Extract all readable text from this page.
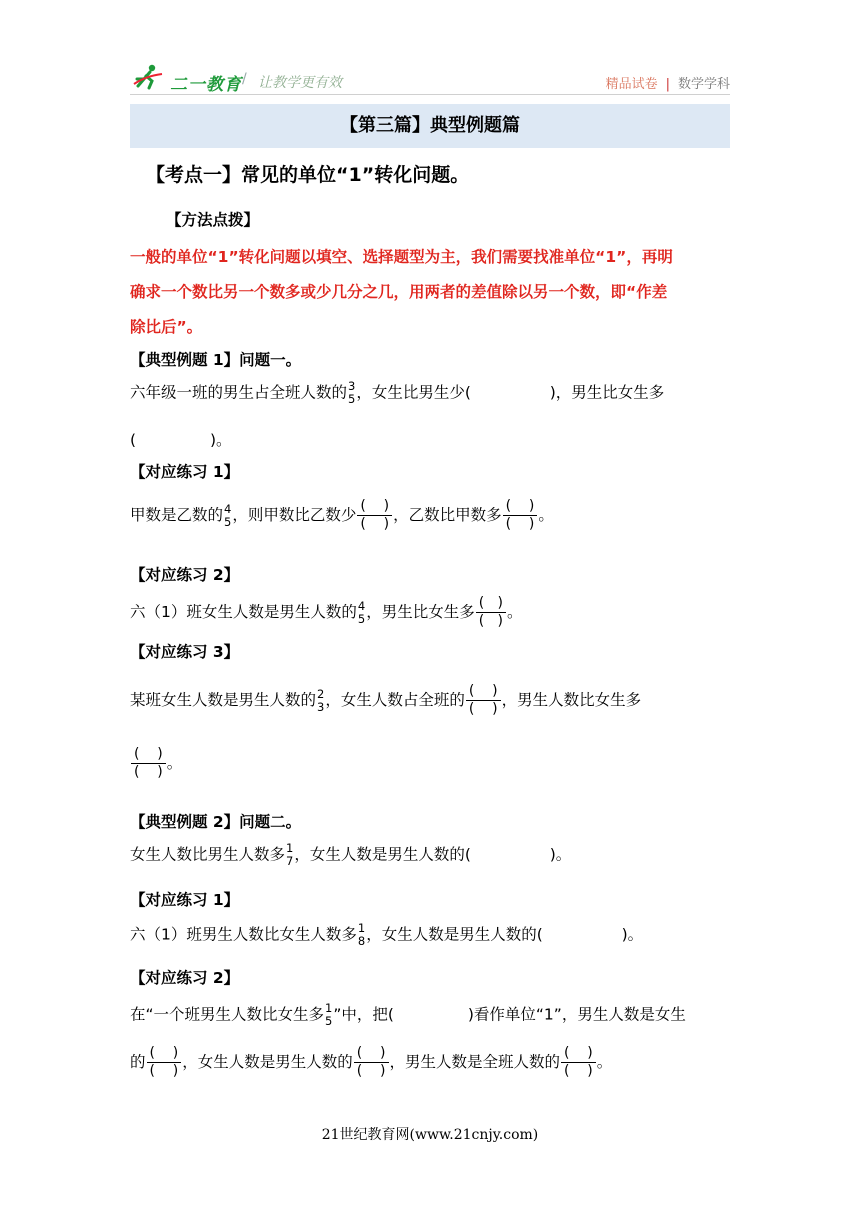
二一教育 / 让教学更有效	精品试卷 | 数学学科
【第三篇】典型例题篇
【考点一】常见的单位“1”转化问题。
【方法点拨】
一般的单位“1”转化问题以填空、选择题型为主，我们需要找准单位“1”，再明
确求一个数比另一个数多或少几分之几，用两者的差值除以另一个数，即“作差
除比后”。
【典型例题 1】问题一。
六年级一班的男生占全班人数的 3
5 ，女生比男生少(	)，男生比女生多
(	)。
【对应练习 1】
甲数是乙数的 4
5 ，则甲数比乙数少 (    )
(    ) ，乙数比甲数多 (    )
(    ) 。
【对应练习 2】
六（1）班女生人数是男生人数的 4
5 ，男生比女生多 (   )
(   ) 。
【对应练习 3】
某班女生人数是男生人数的 2
3 ，女生人数占全班的 (    )
(    ) ，男生人数比女生多
(    )
(    ) 。
【典型例题 2】问题二。
女生人数比男生人数多 1
7 ，女生人数是男生人数的(	)。
【对应练习 1】
六（1）班男生人数比女生人数多 1
8 ，女生人数是男生人数的(	)。
【对应练习 2】
在“一个班男生人数比女生多 1
5 ”中，把(	)看作单位“1”，男生人数是女生
的 (    )
(    ) ，女生人数是男生人数的 (    )
(    ) ，男生人数是全班人数的 (    )
(    ) 。
21世纪教育网(www.21cnjy.com)
